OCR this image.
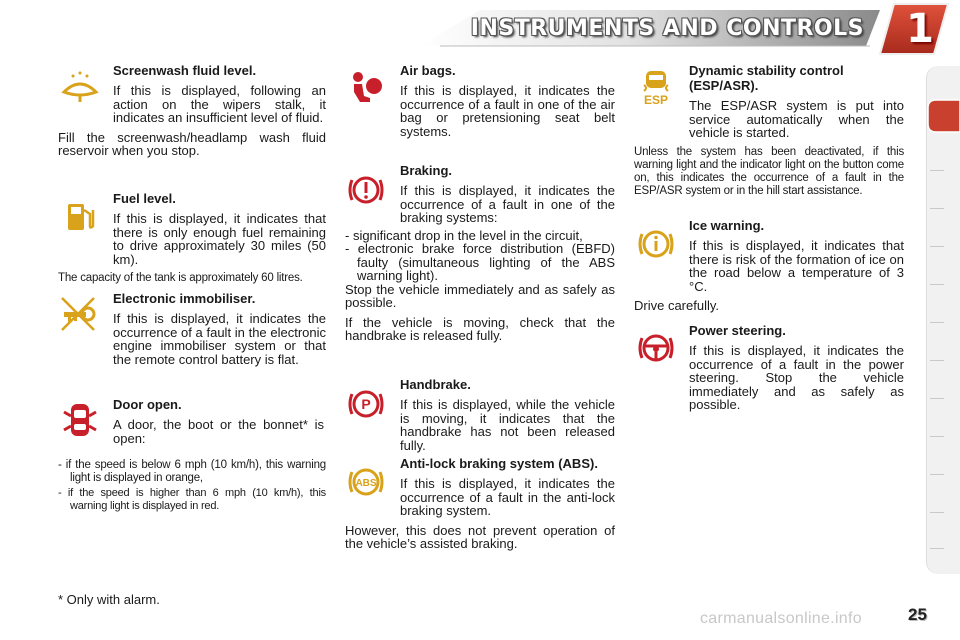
INSTRUMENTS AND CONTROLS 1

Screenwash fluid level.

If this is displayed, following an action on the wipers stalk, it indicates an insufficient level of fluid.

Fill the screenwash/headlamp wash fluid reservoir when you stop.

Fuel level.

If this is displayed, it indicates that there is only enough fuel remaining to drive approximately 30 miles (50 km).

The capacity of the tank is approximately 60 litres.

Electronic immobiliser.

If this is displayed, it indicates the occurrence of a fault in the electronic engine immobiliser system or that the remote control battery is flat.

Door open.

A door, the boot or the bonnet* is open:

- if the speed is below 6 mph (10 km/h), this warning light is displayed in orange,

- if the speed is higher than 6 mph (10 km/h), this warning light is displayed in red.

Air bags.

If this is displayed, it indicates the occurrence of a fault in one of the air bag or pretensioning seat belt systems.

Braking.

If this is displayed, it indicates the occurrence of a fault in one of the braking systems:

- significant drop in the level in the circuit,

- electronic brake force distribution (EBFD) faulty (simultaneous lighting of the ABS warning light).

Stop the vehicle immediately and as safely as possible.

If the vehicle is moving, check that the handbrake is released fully.

P

Handbrake.

If this is displayed, while the vehicle is moving, it indicates that the handbrake has not been released fully.

ABS

Anti-lock braking system (ABS).

If this is displayed, it indicates the occurrence of a fault in the anti-lock braking system.

However, this does not prevent operation of the vehicle’s assisted braking.

ESP

Dynamic stability control (ESP/ASR).

The ESP/ASR system is put into service automatically when the vehicle is started.

Unless the system has been deactivated, if this warning light and the indicator light on the button come on, this indicates the occurrence of a fault in the ESP/ASR system or in the hill start assistance.

Ice warning.

If this is displayed, it indicates that there is risk of the formation of ice on the road below a temperature of 3 °C.

Drive carefully.

Power steering.

If this is displayed, it indicates the occurrence of a fault in the power steering. Stop the vehicle immediately and as safely as possible.

* Only with alarm.
carmanualsonline.info	25
